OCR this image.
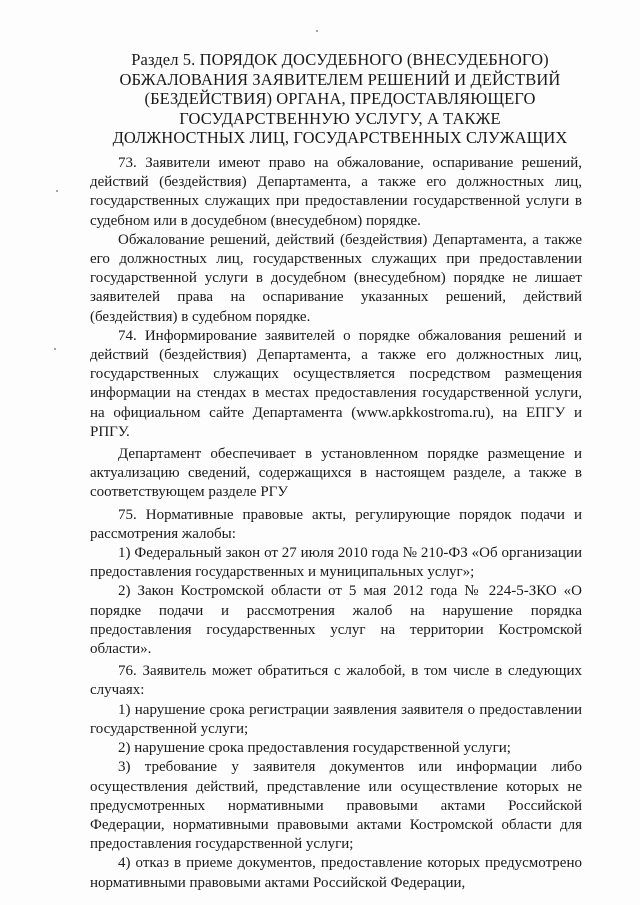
Раздел 5. ПОРЯДОК ДОСУДЕБНОГО (ВНЕСУДЕБНОГО)
ОБЖАЛОВАНИЯ ЗАЯВИТЕЛЕМ РЕШЕНИЙ И ДЕЙСТВИЙ
(БЕЗДЕЙСТВИЯ) ОРГАНА, ПРЕДОСТАВЛЯЮЩЕГО
ГОСУДАРСТВЕННУЮ УСЛУГУ, А ТАКЖЕ
ДОЛЖНОСТНЫХ ЛИЦ, ГОСУДАРСТВЕННЫХ СЛУЖАЩИХ

73. Заявители имеют право на обжалование, оспаривание решений, действий (бездействия) Департамента, а также его должностных лиц, государственных служащих при предоставлении государственной услуги в судебном или в досудебном (внесудебном) порядке.

Обжалование решений, действий (бездействия) Департамента, а также его должностных лиц, государственных служащих при предоставлении государственной услуги в досудебном (внесудебном) порядке не лишает заявителей права на оспаривание указанных решений, действий (бездействия) в судебном порядке.

74. Информирование заявителей о порядке обжалования решений и действий (бездействия) Департамента, а также его должностных лиц, государственных служащих осуществляется посредством размещения информации на стендах в местах предоставления государственной услуги, на официальном сайте Департамента (www.apkkostroma.ru), на ЕПГУ и РПГУ.

Департамент обеспечивает в установленном порядке размещение и актуализацию сведений, содержащихся в настоящем разделе, а также в соответствующем разделе РГУ

75. Нормативные правовые акты, регулирующие порядок подачи и рассмотрения жалобы:

1) Федеральный закон от 27 июля 2010 года № 210-ФЗ «Об организации предоставления государственных и муниципальных услуг»;

2) Закон Костромской области от 5 мая 2012 года № 224-5-ЗКО «О порядке подачи и рассмотрения жалоб на нарушение порядка предоставления государственных услуг на территории Костромской области».

76. Заявитель может обратиться с жалобой, в том числе в следующих случаях:

1) нарушение срока регистрации заявления заявителя о предоставлении государственной услуги;

2) нарушение срока предоставления государственной услуги;

3) требование у заявителя документов или информации либо осуществления действий, представление или осуществление которых не предусмотренных нормативными правовыми актами Российской Федерации, нормативными правовыми актами Костромской области для предоставления государственной услуги;

4) отказ в приеме документов, предоставление которых предусмотрено нормативными правовыми актами Российской Федерации,
